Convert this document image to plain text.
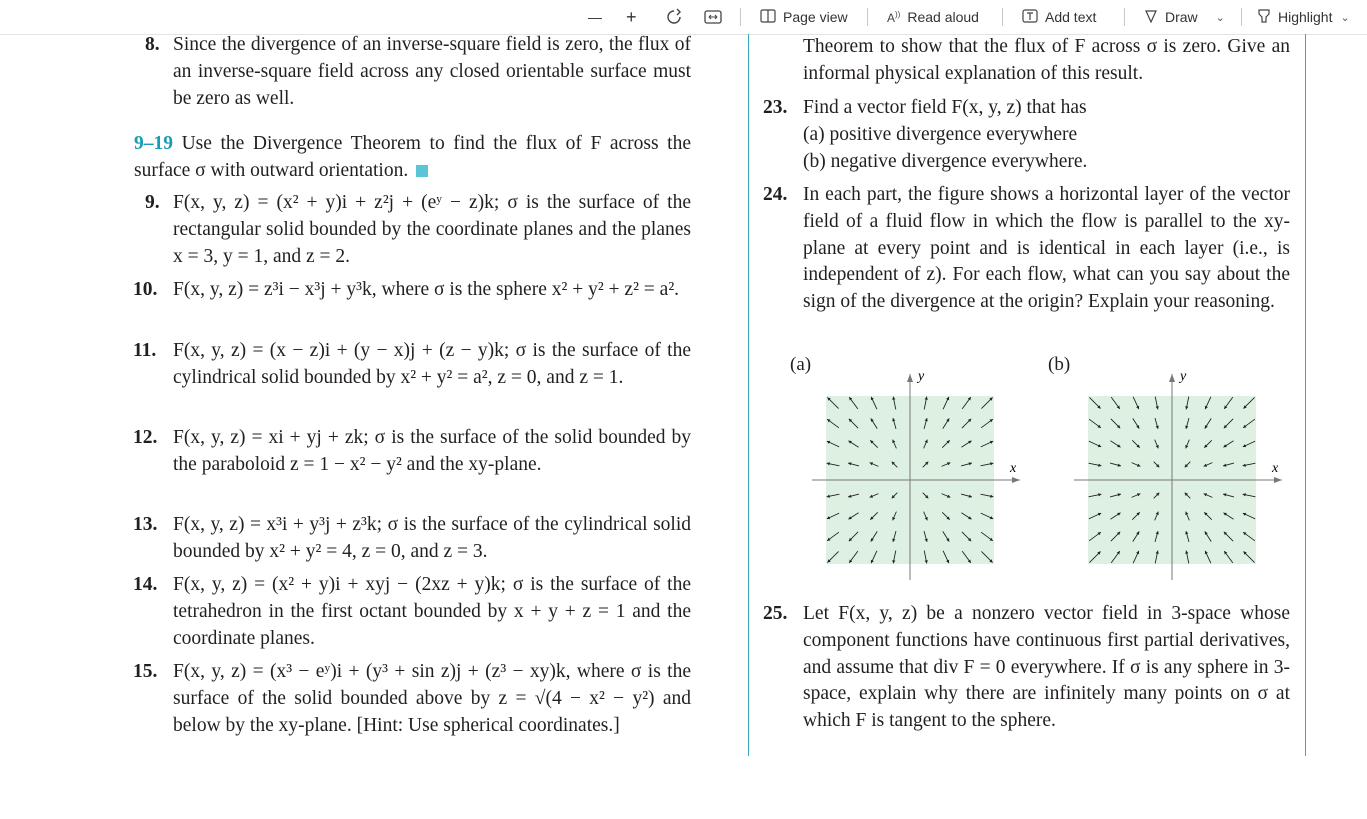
— +	Page view	A)) Read aloud	Add text	Draw ⌄	Highlight ⌄
8. Since the divergence of an inverse-square field is zero, the flux of an inverse-square field across any closed orientable surface must be zero as well.
9–19 Use the Divergence Theorem to find the flux of F across the surface σ with outward orientation.
9. F(x, y, z) = (x² + y)i + z²j + (eʸ − z)k; σ is the surface of the rectangular solid bounded by the coordinate planes and the planes x = 3, y = 1, and z = 2.
10. F(x, y, z) = z³i − x³j + y³k, where σ is the sphere x² + y² + z² = a².
11. F(x, y, z) = (x − z)i + (y − x)j + (z − y)k; σ is the surface of the cylindrical solid bounded by x² + y² = a², z = 0, and z = 1.
12. F(x, y, z) = xi + yj + zk; σ is the surface of the solid bounded by the paraboloid z = 1 − x² − y² and the xy-plane.
13. F(x, y, z) = x³i + y³j + z³k; σ is the surface of the cylindrical solid bounded by x² + y² = 4, z = 0, and z = 3.
14. F(x, y, z) = (x² + y)i + xyj − (2xz + y)k; σ is the surface of the tetrahedron in the first octant bounded by x + y + z = 1 and the coordinate planes.
15. F(x, y, z) = (x³ − eʸ)i + (y³ + sin z)j + (z³ − xy)k, where σ is the surface of the solid bounded above by z = √(4 − x² − y²) and below by the xy-plane. [Hint: Use spherical coordinates.]
Theorem to show that the flux of F across σ is zero. Give an informal physical explanation of this result.
23. Find a vector field F(x, y, z) that has
(a) positive divergence everywhere
(b) negative divergence everywhere.
24. In each part, the figure shows a horizontal layer of the vector field of a fluid flow in which the flow is parallel to the xy-plane at every point and is identical in each layer (i.e., is independent of z). For each flow, what can you say about the sign of the divergence at the origin? Explain your reasoning.
(a)	(b)
x
y
x
y
25. Let F(x, y, z) be a nonzero vector field in 3-space whose component functions have continuous first partial derivatives, and assume that div F = 0 everywhere. If σ is any sphere in 3-space, explain why there are infinitely many points on σ at which F is tangent to the sphere.
